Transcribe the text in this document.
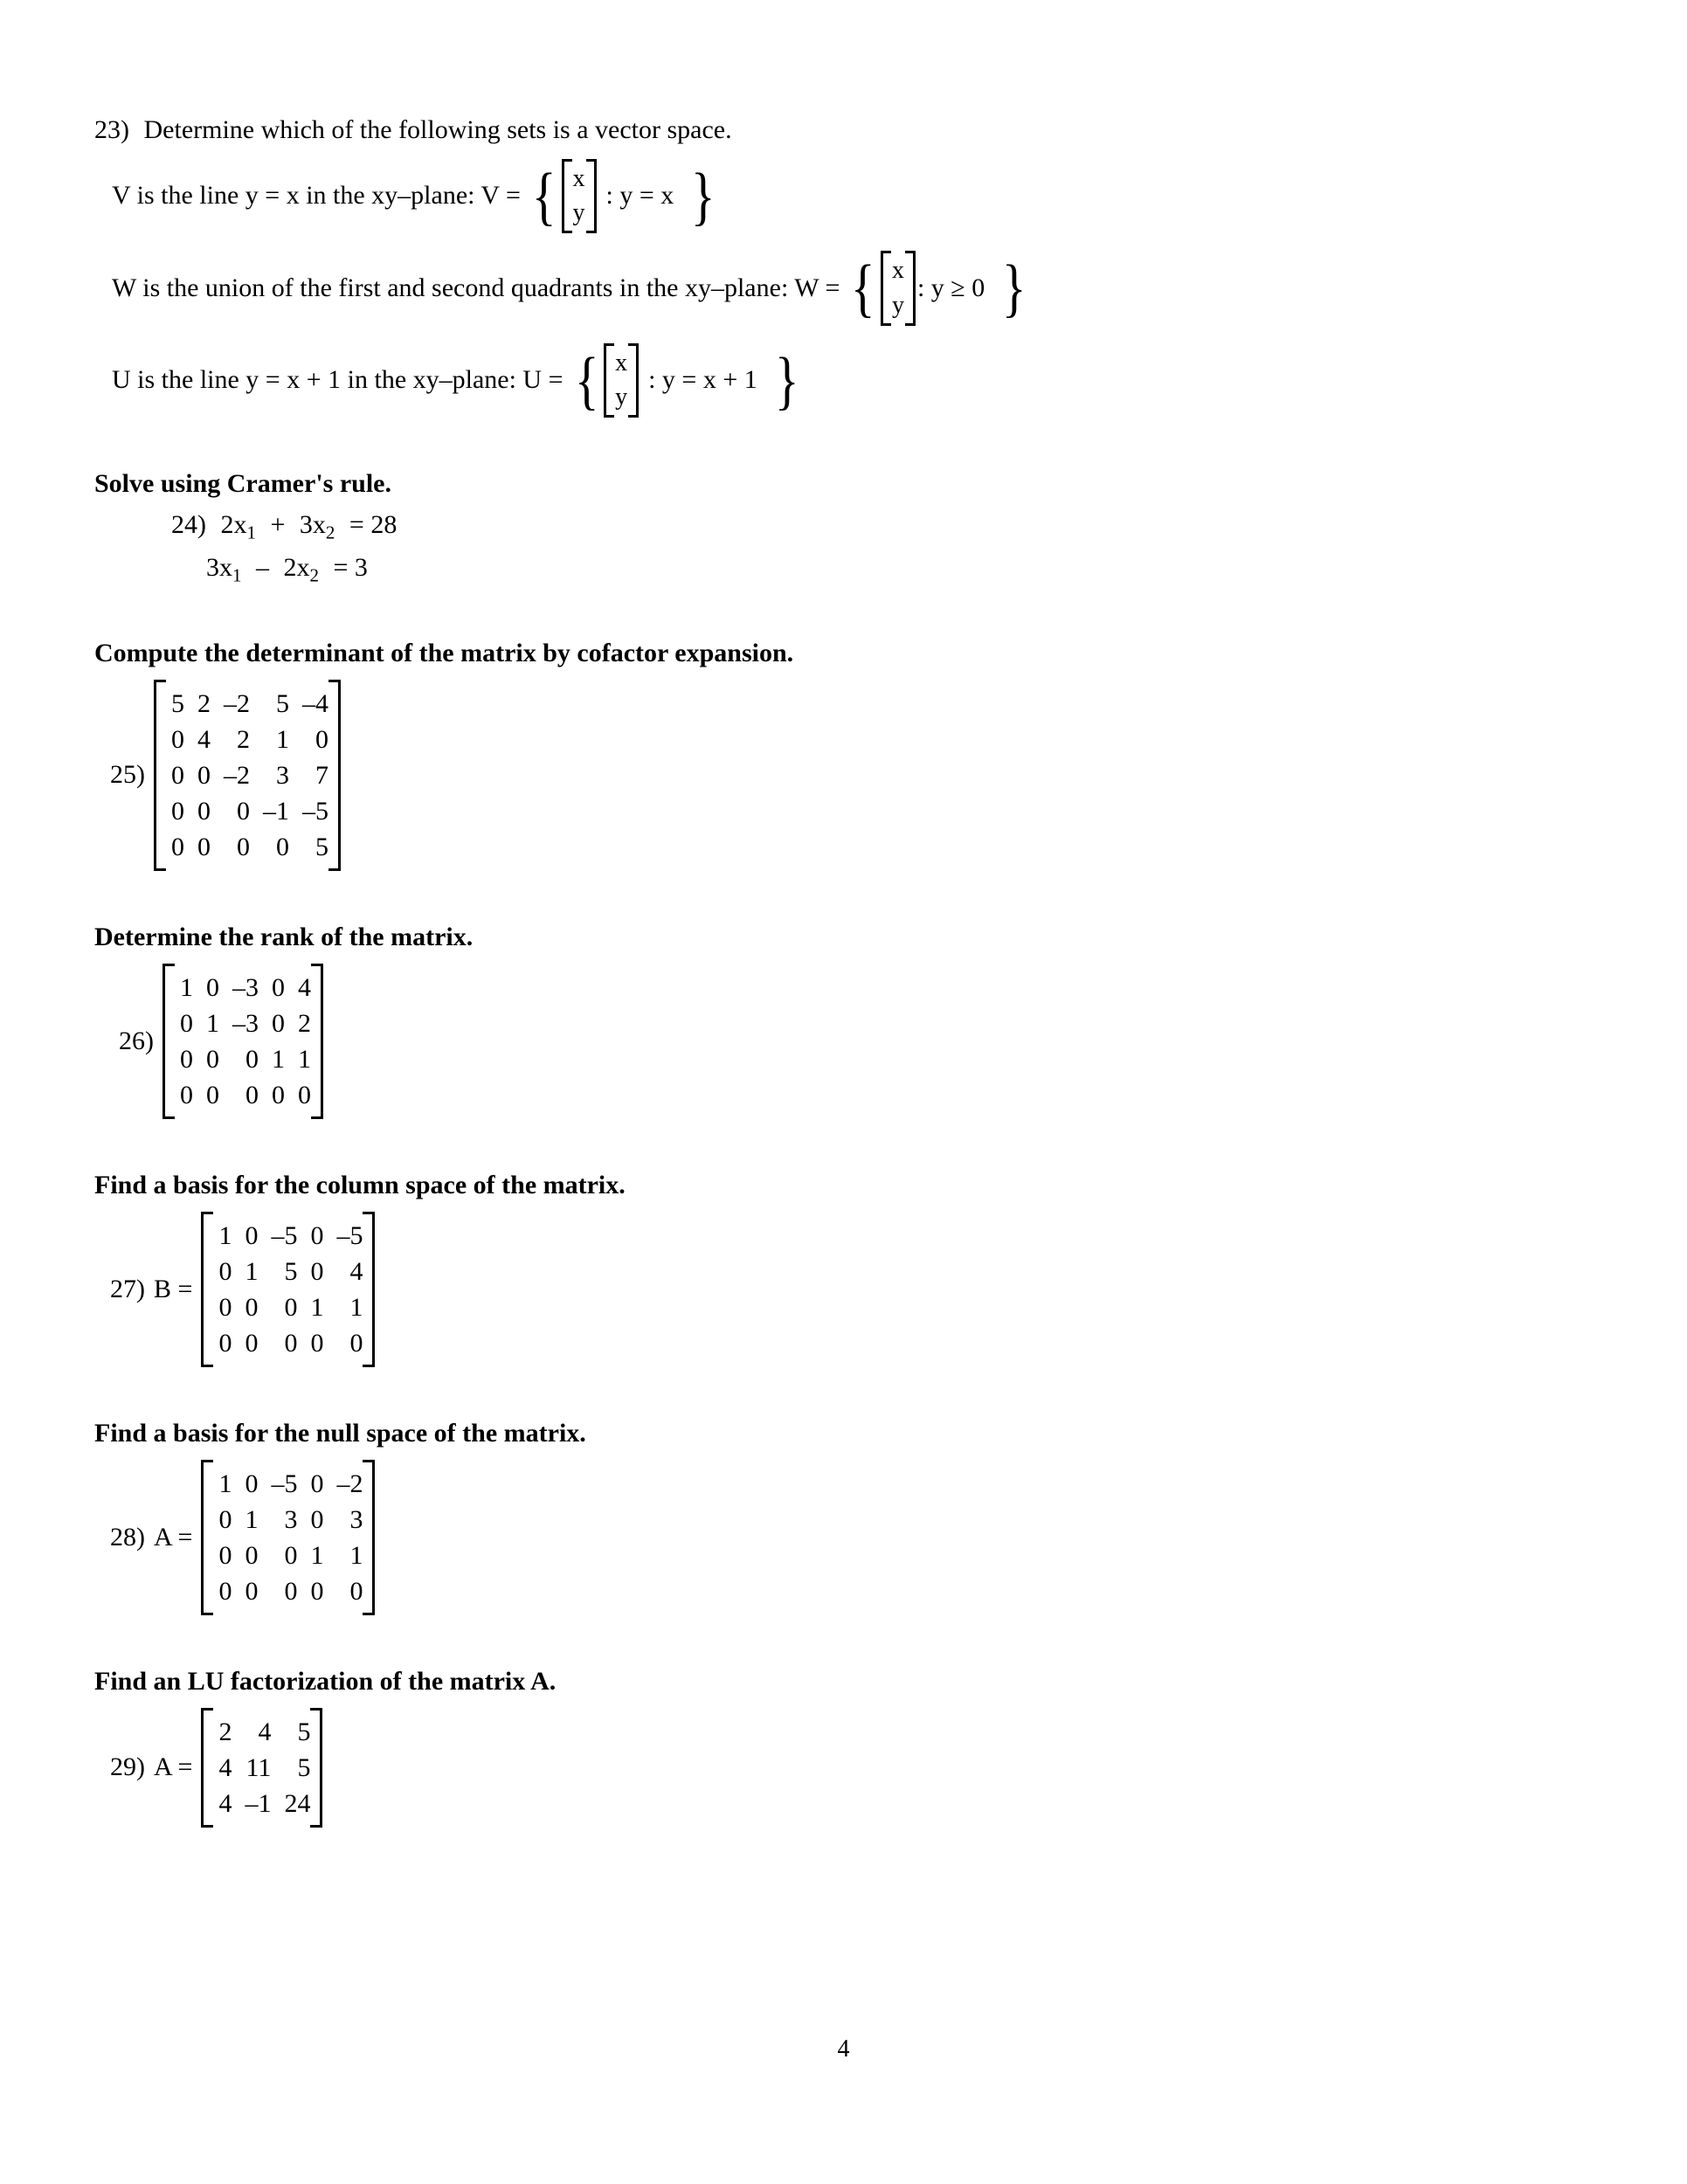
23) Determine which of the following sets is a vector space.
V is the line y = x in the xy–plane: V = { x
y
: y = x }
W is the union of the first and second quadrants in the xy–plane: W = { x
y
: y ≥ 0 }
U is the line y = x + 1 in the xy–plane: U = { x
y
: y = x + 1 }
Solve using Cramer's rule.
24) $2x_1 + 3x_2 = 28$
$3x_1 - 2x_2 = 3$
Compute the determinant of the matrix by cofactor expansion.
25)
5	2	–2	5	–4
0	4	2	1	0
0	0	–2	3	7
0	0	0	–1	–5
0	0	0	0	5
Determine the rank of the matrix.
26)
1	0	–3	0	4
0	1	–3	0	2
0	0	0	1	1
0	0	0	0	0
Find a basis for the column space of the matrix.
27) B =
1	0	–5	0	–5
0	1	5	0	4
0	0	0	1	1
0	0	0	0	0
Find a basis for the null space of the matrix.
28) A =
1	0	–5	0	–2
0	1	3	0	3
0	0	0	1	1
0	0	0	0	0
Find an LU factorization of the matrix A.
29) A =
2	4	5
4	11	5
4	–1	24
4
